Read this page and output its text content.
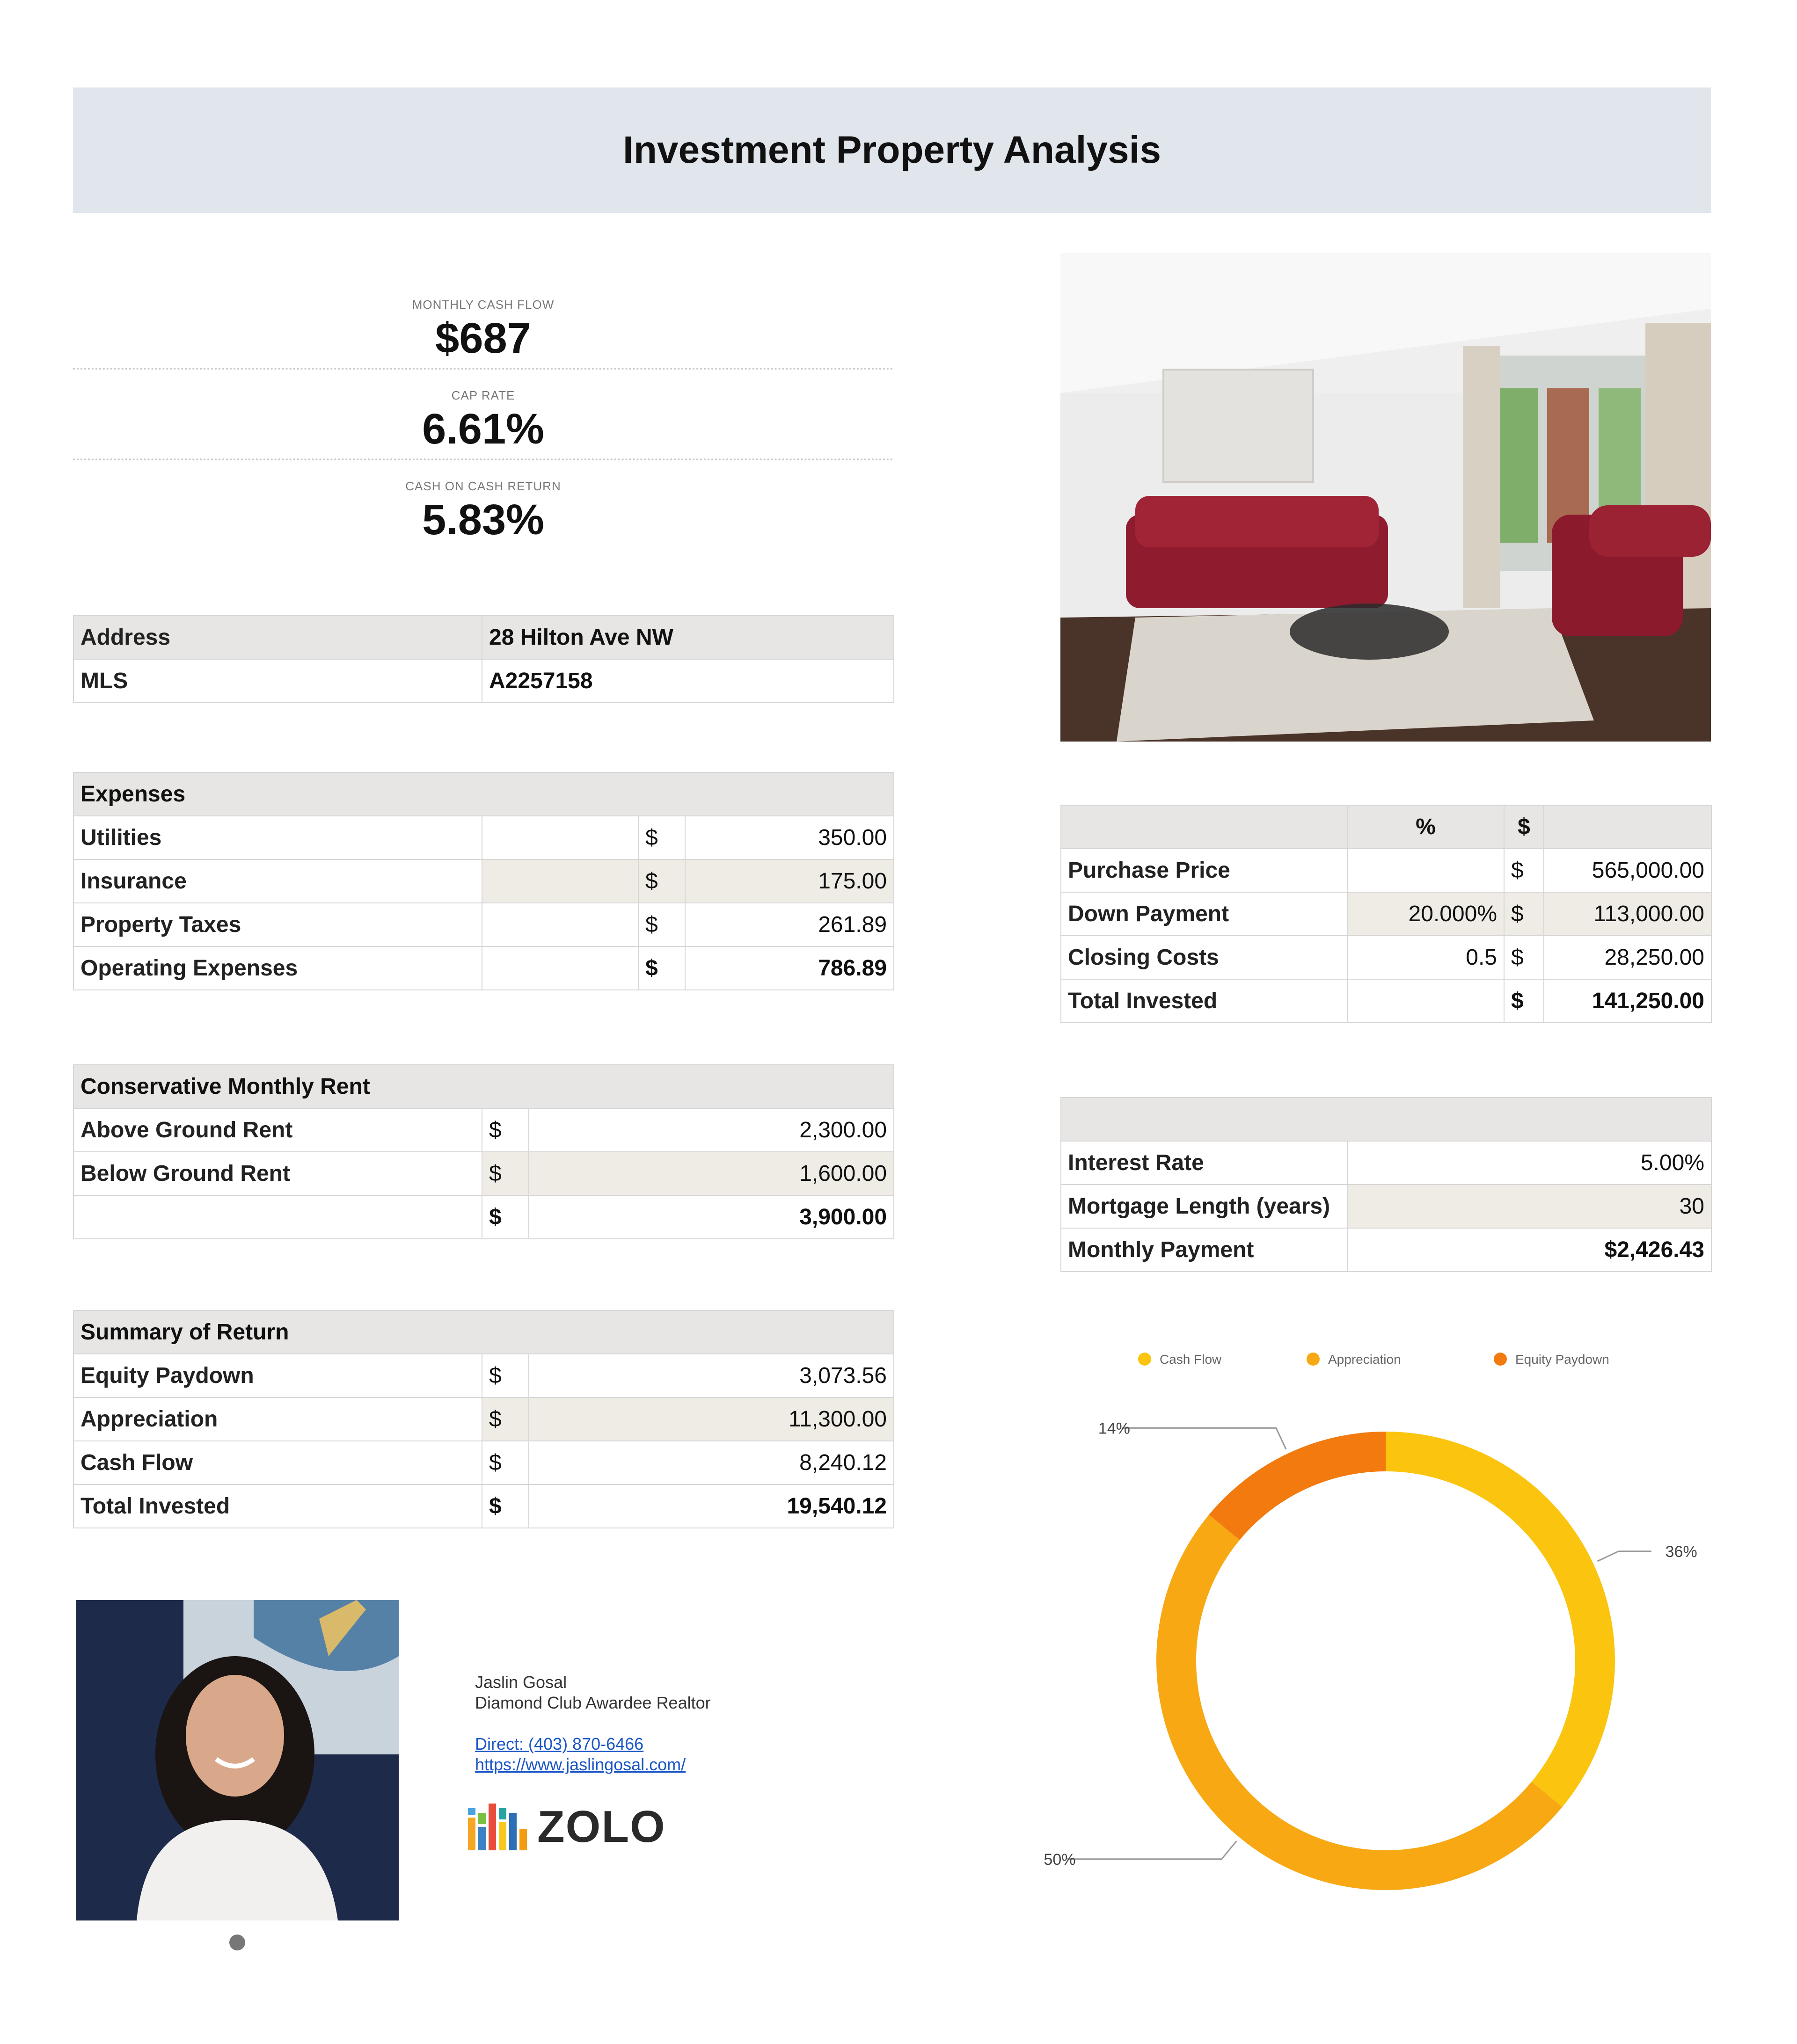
Investment Property Analysis
MONTHLY CASH FLOW
$687
CAP RATE
6.61%
CASH ON CASH RETURN
5.83%
Address	28 Hilton Ave NW
MLS	A2257158
Expenses			
Utilities		$	350.00
Insurance		$	175.00
Property Taxes		$	261.89
Operating Expenses		$	786.89
Conservative Monthly Rent		
Above Ground Rent	$	2,300.00
Below Ground Rent	$	1,600.00
	$	3,900.00
Summary of Return		
Equity Paydown	$	3,073.56
Appreciation	$	11,300.00
Cash Flow	$	8,240.12
Total Invested	$	19,540.12
	%	$	
Purchase Price		$	565,000.00
Down Payment	20.000%	$	113,000.00
Closing Costs	0.5	$	28,250.00
Total Invested		$	141,250.00

Interest Rate	5.00%
Mortgage Length (years)	30
Monthly Payment	$2,426.43
Cash Flow	Appreciation	Equity Paydown
36%
50%
14%
Jaslin Gosal
Diamond Club Awardee Realtor
Direct: (403) 870-6466
https://www.jaslingosal.com/
ZOLO
